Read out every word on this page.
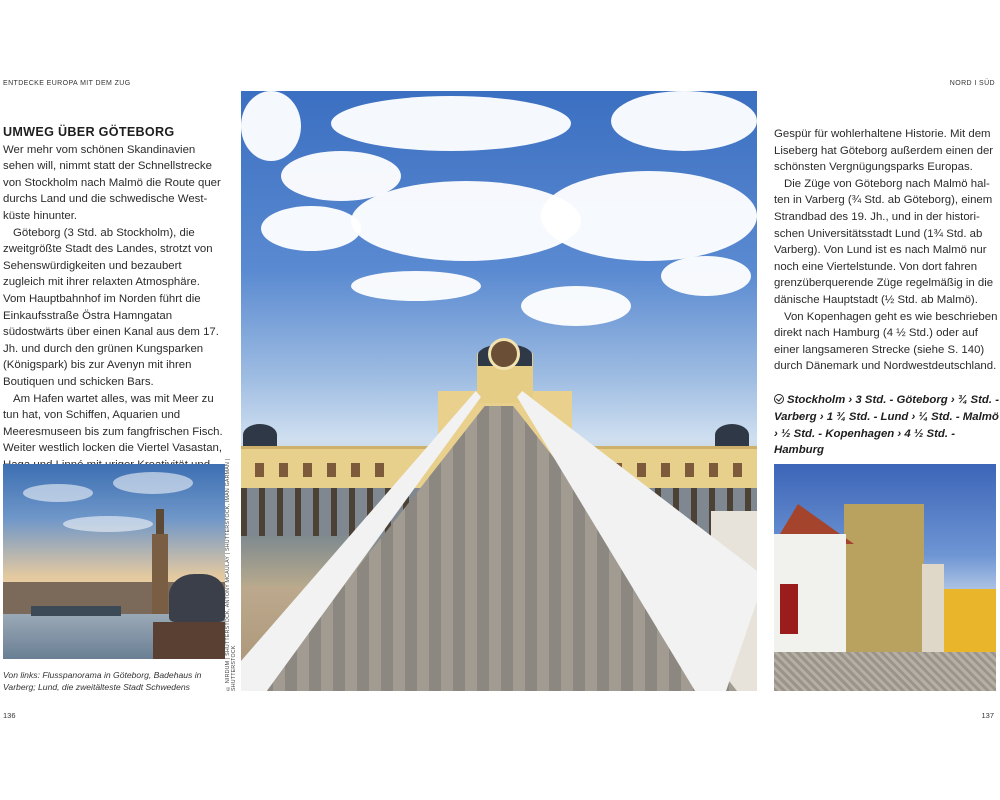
ENTDECKE EUROPA MIT DEM ZUG	NORD I SÜD
UMWEG ÜBER GÖTEBORG

Wer mehr vom schönen Skandinavien sehen will, nimmt statt der Schnellstrecke von Stockholm nach Malmö die Route quer durchs Land und die schwedische Westküste hinunter.

Göteborg (3 Std. ab Stockholm), die zweitgrößte Stadt des Landes, strotzt von Sehenswürdigkeiten und bezaubert zugleich mit ihrer relaxten Atmosphäre. Vom Hauptbahnhof im Norden führt die Einkaufsstraße Östra Hamngatan südostwärts über einen Kanal aus dem 17. Jh. und durch den grünen Kungsparken (Königspark) bis zur Avenyn mit ihren Boutiquen und schicken Bars.

Am Hafen wartet alles, was mit Meer zu tun hat, von Schiffen, Aquarien und Meeresmuseen bis zum fangfrischen Fisch. Weiter westlich locken die Viertel Vasastan,

Von links: Flusspanorama in Göteborg, Badehaus in Varberg; Lund, die zweitälteste Stadt Schwedens	© NIRDUM | SHUTTERSTOCK, ANTONY MCAULAY | SHUTTERSTOCK, IMAN GARMAN | SHUTTERSTOCK

Gespür für wohlerhaltene Historie. Mit dem Liseberg hat Göteborg außerdem einen der schönsten Vergnügungsparks Europas.

Die Züge von Göteborg nach Malmö halten in Varberg (¾ Std. ab Göteborg), einem Strandbad des 19. Jh., und in der historischen Universitätsstadt Lund (1¾ Std. ab Varberg). Von Lund ist es nach Malmö nur noch eine Viertelstunde. Von dort fahren grenzüberquerende Züge regelmäßig in die dänische Hauptstadt (½ Std. ab Malmö).

Von Kopenhagen geht es wie beschrieben direkt nach Hamburg (4 ½ Std.) oder auf einer langsameren Strecke (siehe S. 140) durch Dänemark und Nordwestdeutschland.

Stockholm › 3 Std. - Göteborg › ¾ Std. - Varberg › 1 ¾ Std. - Lund › ¼ Std. - Malmö › ½ Std. - Kopenhagen › 4 ½ Std. - Hamburg
136	137
